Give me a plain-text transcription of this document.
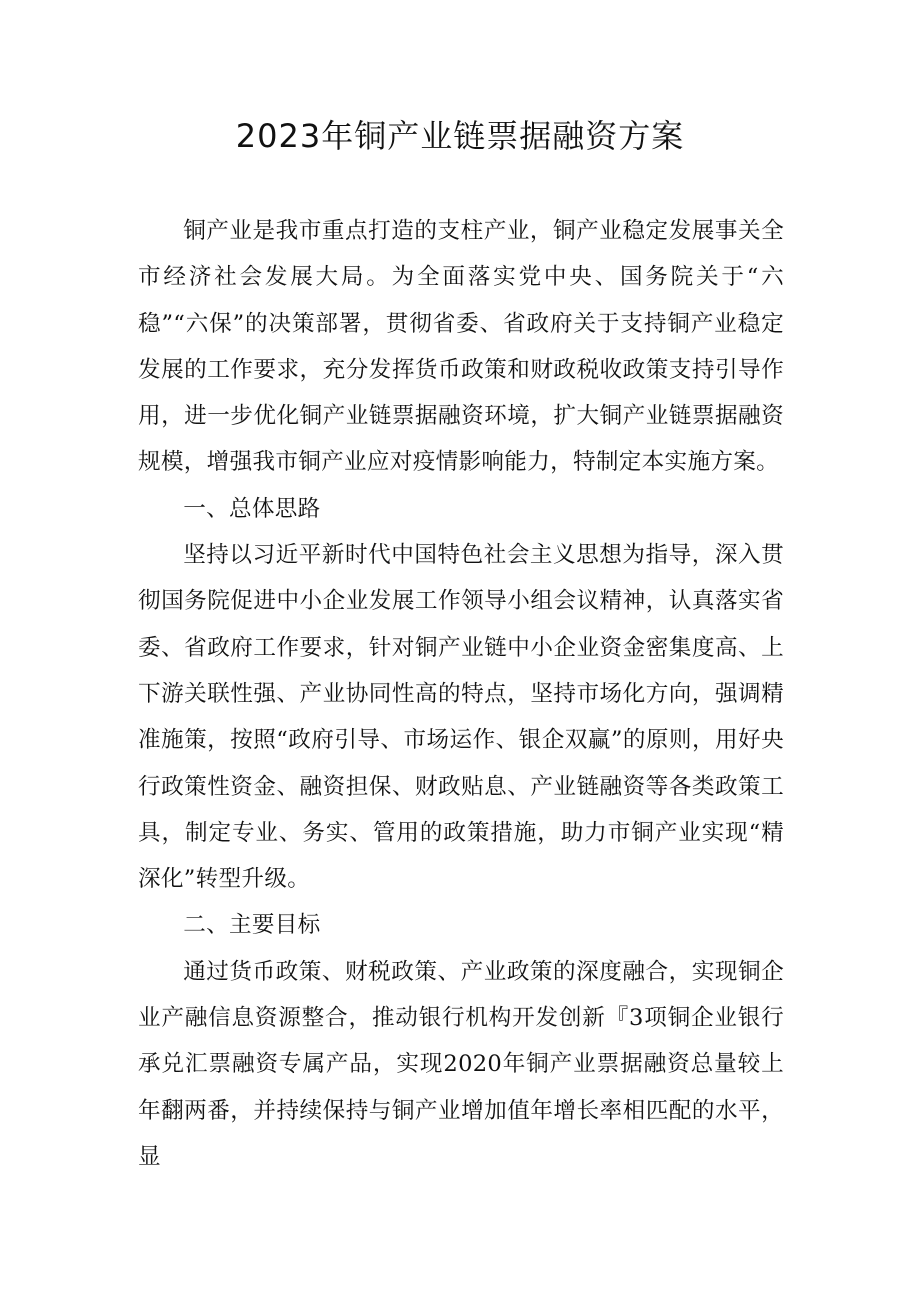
2023年铜产业链票据融资方案

铜产业是我市重点打造的支柱产业，铜产业稳定发展事关全市经济社会发展大局。为全面落实党中央、国务院关于“六稳”“六保”的决策部署，贯彻省委、省政府关于支持铜产业稳定发展的工作要求，充分发挥货币政策和财政税收政策支持引导作用，进一步优化铜产业链票据融资环境，扩大铜产业链票据融资规模，增强我市铜产业应对疫情影响能力，特制定本实施方案。

一、总体思路

坚持以习近平新时代中国特色社会主义思想为指导，深入贯彻国务院促进中小企业发展工作领导小组会议精神，认真落实省委、省政府工作要求，针对铜产业链中小企业资金密集度高、上下游关联性强、产业协同性高的特点，坚持市场化方向，强调精准施策，按照“政府引导、市场运作、银企双赢”的原则，用好央行政策性资金、融资担保、财政贴息、产业链融资等各类政策工具，制定专业、务实、管用的政策措施，助力市铜产业实现“精深化”转型升级。

二、主要目标

通过货币政策、财税政策、产业政策的深度融合，实现铜企业产融信息资源整合，推动银行机构开发创新『3项铜企业银行承兑汇票融资专属产品，实现2020年铜产业票据融资总量较上年翻两番，并持续保持与铜产业增加值年增长率相匹配的水平，显
